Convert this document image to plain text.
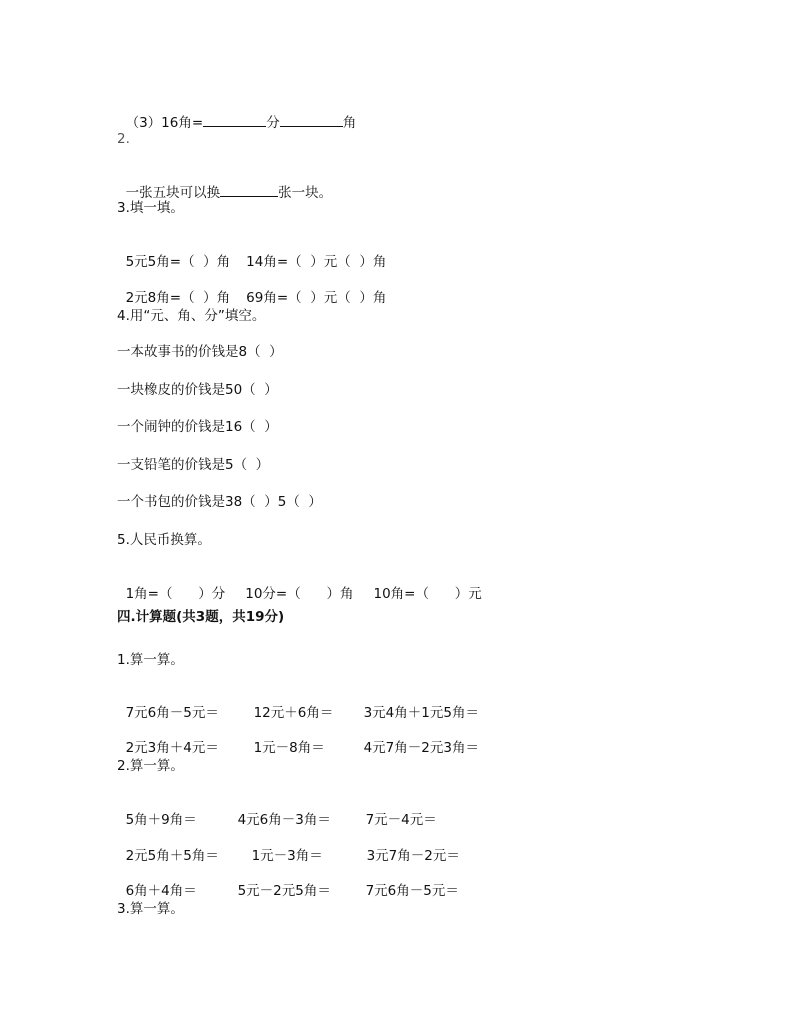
（3）16角=	分	角

2.

一张五块可以换	张一块。

3.填一填。

5元5角=（  ）角 14角=（  ）元（  ）角

2元8角=（  ）角 69角=（  ）元（  ）角

4.用“元、角、分”填空。
一本故事书的价钱是8（  ）
一块橡皮的价钱是50（  ）
一个闹钟的价钱是16（  ）
一支铅笔的价钱是5（  ）
一个书包的价钱是38（  ）5（  ）
5.人民币换算。

1角=（      ）分 10分=（      ）角 10角=（      ）元

四.计算题(共3题，共19分)
1.算一算。

7元6角－5元＝	12元＋6角＝ 3元4角＋1元5角＝

2元3角＋4元＝	1元－8角＝	4元7角－2元3角＝

2.算一算。

5角＋9角＝	4元6角－3角＝	7元－4元＝

2元5角＋5角＝ 1元－3角＝	3元7角－2元＝

6角＋4角＝	5元－2元5角＝	7元6角－5元＝

3.算一算。
